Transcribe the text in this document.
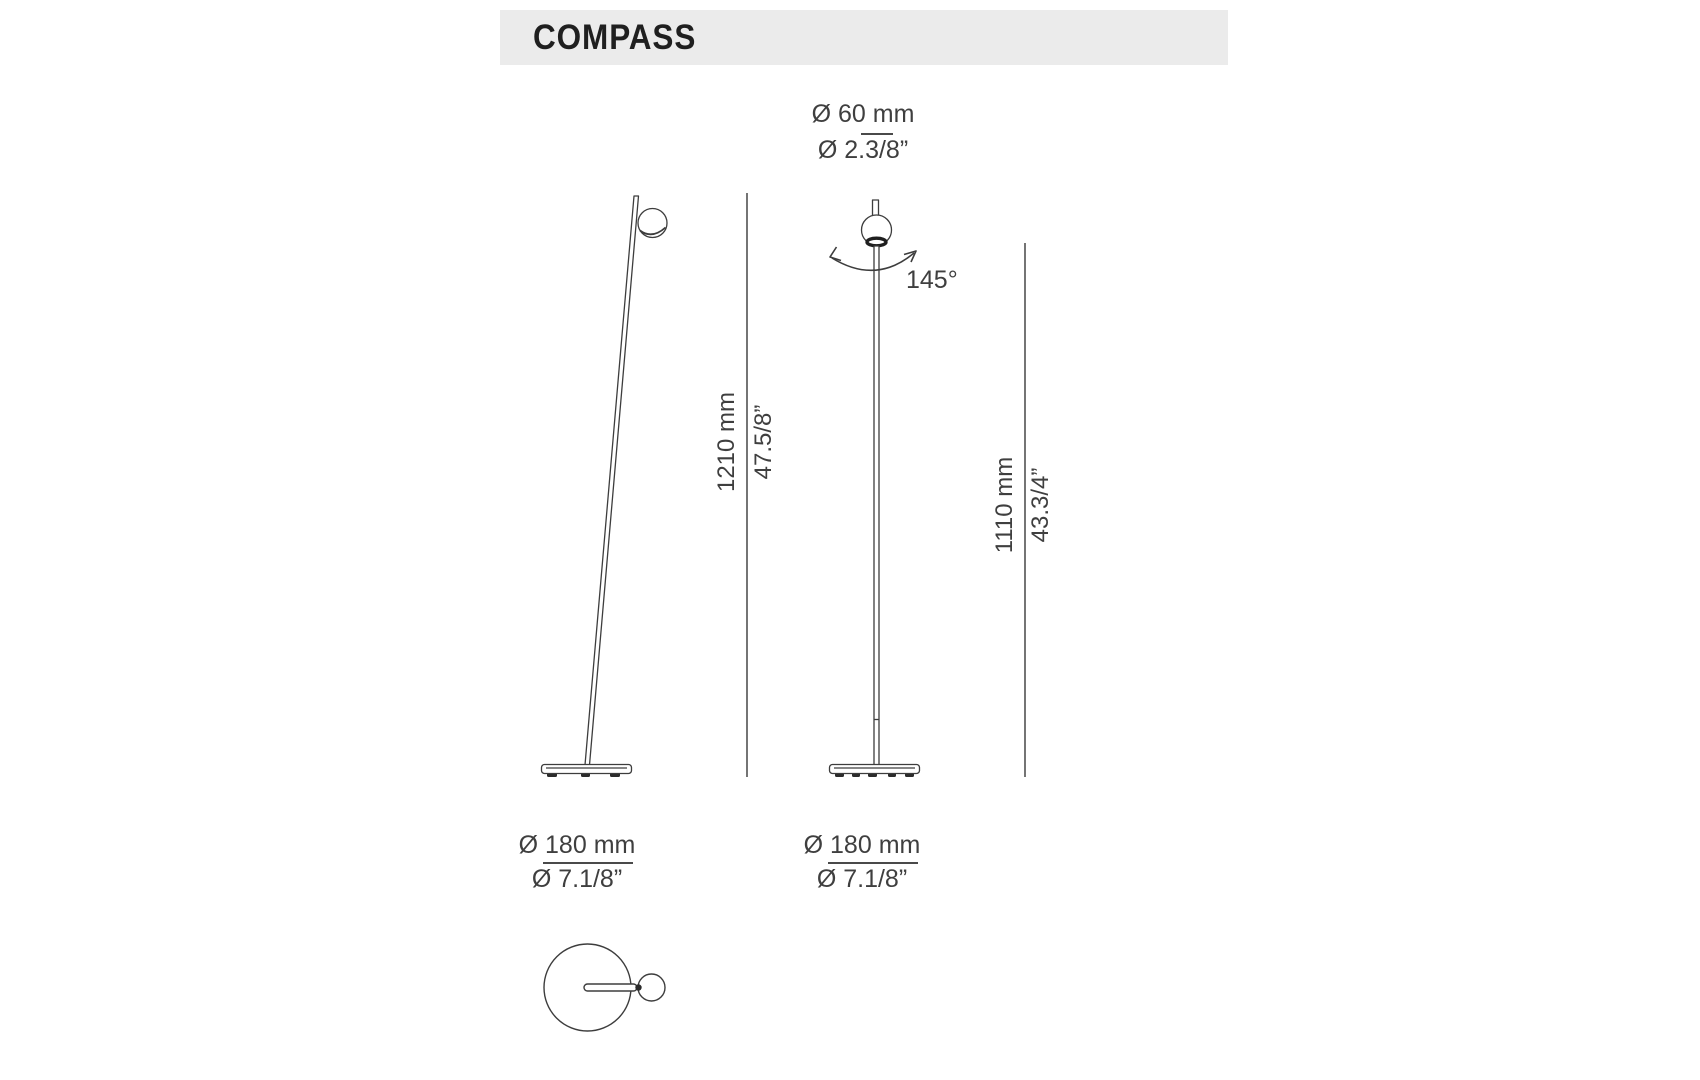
COMPASS
Ø 60 mm
Ø 2.3/8”
145°
1210 mm 47.5/8”
1110 mm 43.3/4”
Ø 180 mm
Ø 7.1/8”
Ø 180 mm
Ø 7.1/8”
